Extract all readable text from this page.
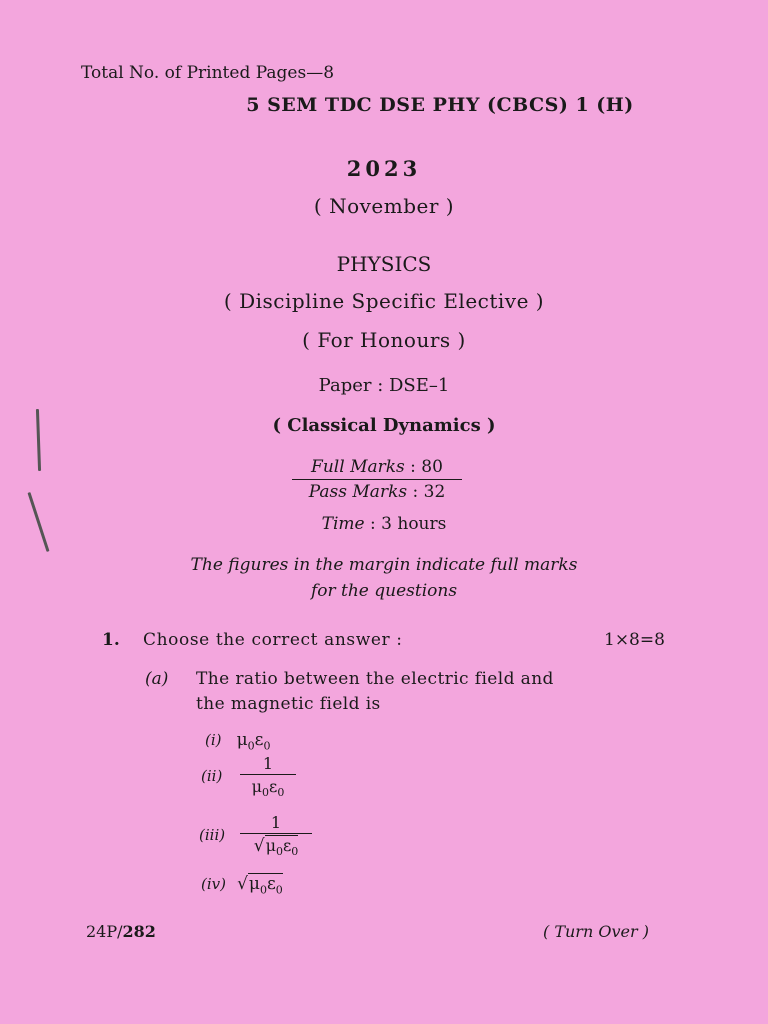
Total No. of Printed Pages—8
5 SEM TDC DSE PHY (CBCS) 1 (H)
2023
( November )
PHYSICS
( Discipline Specific Elective )
( For Honours )
Paper : DSE–1
( Classical Dynamics )
Full Marks : 80
Pass Marks : 32
Time : 3 hours
The figures in the margin indicate full marks
for the questions
1. Choose the correct answer :	1×8=8
(a) The ratio between the electric field and
the magnetic field is
(i) $\mu_0\varepsilon_0$
$(ii) \frac{1}{\mu_0\varepsilon_0}$
$(iii) \frac{1}{√\mu_0\varepsilon_0}$
(iv) $√\mu_0\varepsilon_0$
24P/282	( Turn Over )
